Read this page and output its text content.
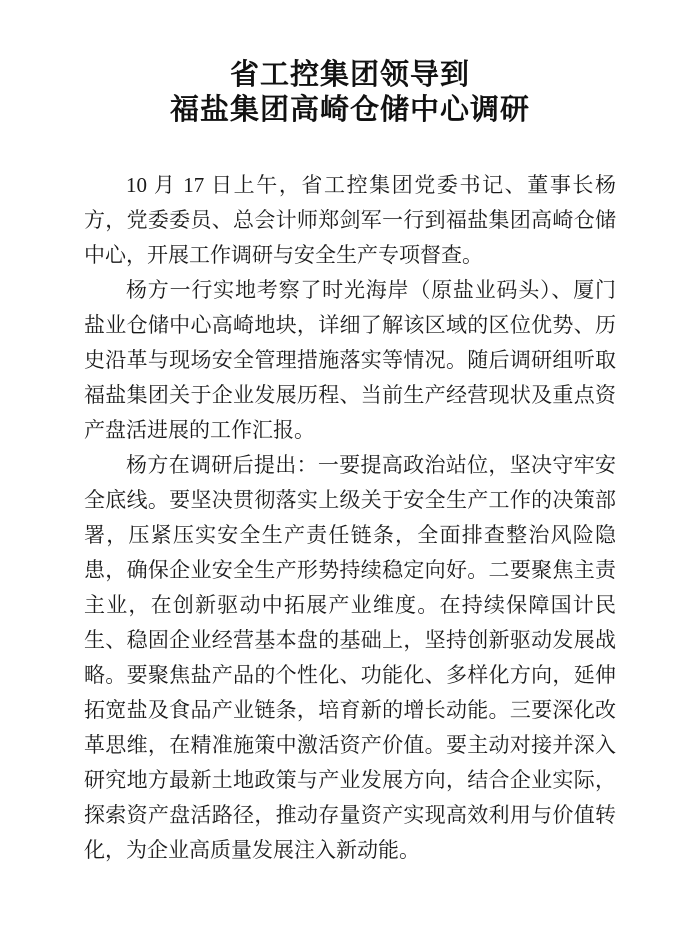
省工控集团领导到
福盐集团高崎仓储中心调研

10 月 17 日上午，省工控集团党委书记、董事长杨方，党委委员、总会计师郑剑军一行到福盐集团高崎仓储中心，开展工作调研与安全生产专项督查。

杨方一行实地考察了时光海岸（原盐业码头）、厦门盐业仓储中心高崎地块，详细了解该区域的区位优势、历史沿革与现场安全管理措施落实等情况。随后调研组听取福盐集团关于企业发展历程、当前生产经营现状及重点资产盘活进展的工作汇报。

杨方在调研后提出：一要提高政治站位，坚决守牢安全底线。要坚决贯彻落实上级关于安全生产工作的决策部署，压紧压实安全生产责任链条，全面排查整治风险隐患，确保企业安全生产形势持续稳定向好。二要聚焦主责主业，在创新驱动中拓展产业维度。在持续保障国计民生、稳固企业经营基本盘的基础上，坚持创新驱动发展战略。要聚焦盐产品的个性化、功能化、多样化方向，延伸拓宽盐及食品产业链条，培育新的增长动能。三要深化改革思维，在精准施策中激活资产价值。要主动对接并深入研究地方最新土地政策与产业发展方向，结合企业实际，探索资产盘活路径，推动存量资产实现高效利用与价值转化，为企业高质量发展注入新动能。
